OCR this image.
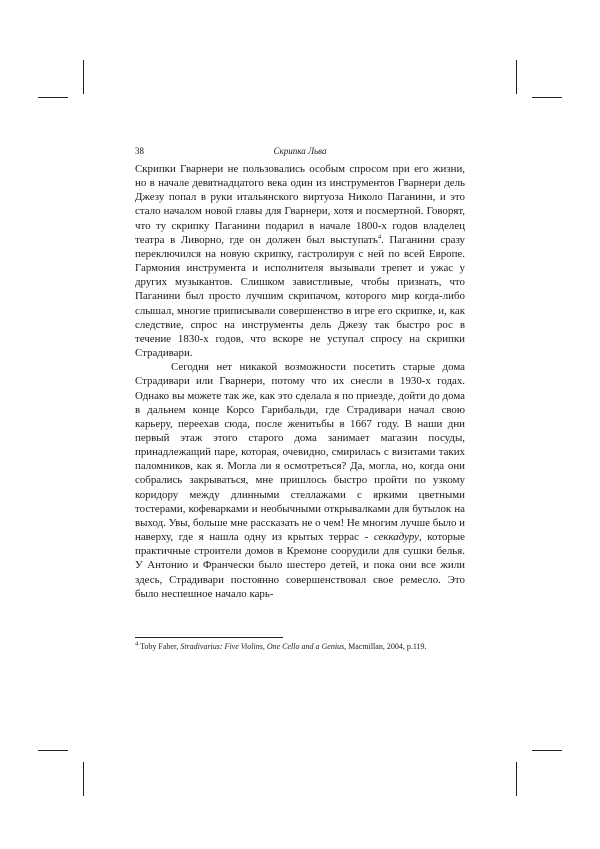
38	Скрипка Льва

Скрипки Гварнери не пользовались особым спросом при его жизни, но в начале девятнадцатого века один из инструментов Гварнери дель Джезу попал в руки итальянского виртуоза Николо Паганини, и это стало началом новой главы для Гварнери, хотя и посмертной. Говорят, что ту скрипку Паганини подарил в начале 1800-х годов владелец театра в Ливорно, где он должен был выступать$^4$. Паганини сразу переключился на новую скрипку, гастролируя с ней по всей Европе. Гармония инструмента и исполнителя вызывали трепет и ужас у других музыкантов. Слишком завистливые, чтобы признать, что Паганини был просто лучшим скрипачом, которого мир когда-либо слышал, многие приписывали совершенство в игре его скрипке, и, как следствие, спрос на инструменты дель Джезу так быстро рос в течение 1830-х годов, что вскоре не уступал спросу на скрипки Страдивари.

Сегодня нет никакой возможности посетить старые дома Страдивари или Гварнери, потому что их снесли в 1930-х годах. Однако вы можете так же, как это сделала я по приезде, дойти до дома в дальнем конце Корсо Гарибальди, где Страдивари начал свою карьеру, переехав сюда, после женитьбы в 1667 году. В наши дни первый этаж этого старого дома занимает магазин посуды, принадлежащий паре, которая, очевидно, смирилась с визитами таких паломников, как я. Могла ли я осмотреться? Да, могла, но, когда они собрались закрываться, мне пришлось быстро пройти по узкому коридору между длинными стеллажами с яркими цветными тостерами, кофеварками и необычными открывалками для бутылок на выход. Увы, больше мне рассказать не о чем! Не многим лучше было и наверху, где я нашла одну из крытых террас - секкадуру, которые практичные строители домов в Кремоне соорудили для сушки белья. У Антонио и Франчески было шестеро детей, и пока они все жили здесь, Страдивари постоянно совершенствовал свое ремесло. Это было неспешное начало карь-

$^4$ Toby Faber, Stradivarius: Five Violins, One Cello and a Genius, Macmillan, 2004, p.119.
